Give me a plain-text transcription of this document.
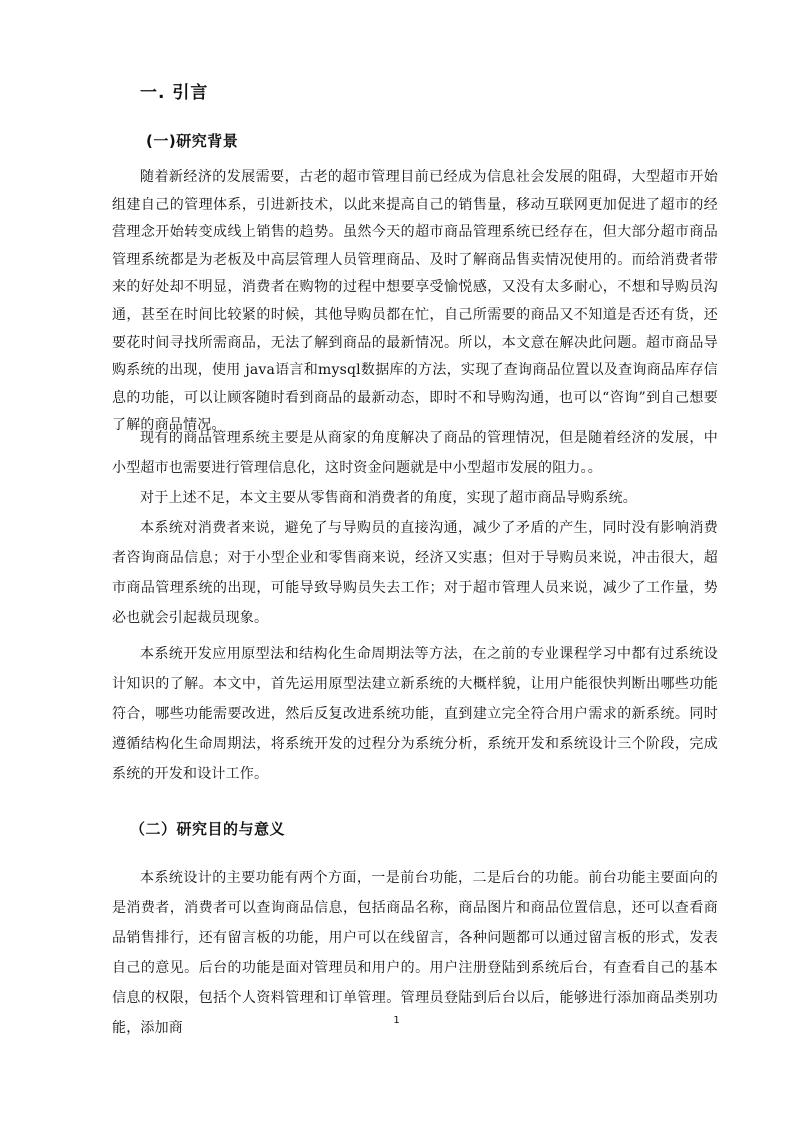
一. 引言
(一)研究背景

随着新经济的发展需要，古老的超市管理目前已经成为信息社会发展的阻碍，大型超市开始组建自己的管理体系，引进新技术，以此来提高自己的销售量，移动互联网更加促进了超市的经营理念开始转变成线上销售的趋势。虽然今天的超市商品管理系统已经存在，但大部分超市商品管理系统都是为老板及中高层管理人员管理商品、及时了解商品售卖情况使用的。而给消费者带来的好处却不明显，消费者在购物的过程中想要享受愉悦感，又没有太多耐心，不想和导购员沟通，甚至在时间比较紧的时候，其他导购员都在忙，自己所需要的商品又不知道是否还有货，还要花时间寻找所需商品，无法了解到商品的最新情况。所以，本文意在解决此问题。超市商品导购系统的出现，使用 java语言和mysql数据库的方法，实现了查询商品位置以及查询商品库存信息的功能，可以让顾客随时看到商品的最新动态，即时不和导购沟通，也可以“咨询”到自己想要了解的商品情况。

现有的商品管理系统主要是从商家的角度解决了商品的管理情况，但是随着经济的发展，中小型超市也需要进行管理信息化，这时资金问题就是中小型超市发展的阻力。。

对于上述不足，本文主要从零售商和消费者的角度，实现了超市商品导购系统。

本系统对消费者来说，避免了与导购员的直接沟通，减少了矛盾的产生，同时没有影响消费者咨询商品信息；对于小型企业和零售商来说，经济又实惠；但对于导购员来说，冲击很大，超市商品管理系统的出现，可能导致导购员失去工作；对于超市管理人员来说，减少了工作量，势必也就会引起裁员现象。

本系统开发应用原型法和结构化生命周期法等方法，在之前的专业课程学习中都有过系统设计知识的了解。本文中，首先运用原型法建立新系统的大概样貌，让用户能很快判断出哪些功能符合，哪些功能需要改进，然后反复改进系统功能，直到建立完全符合用户需求的新系统。同时遵循结构化生命周期法，将系统开发的过程分为系统分析，系统开发和系统设计三个阶段，完成系统的开发和设计工作。

（二）研究目的与意义

本系统设计的主要功能有两个方面，一是前台功能，二是后台的功能。前台功能主要面向的是消费者，消费者可以查询商品信息，包括商品名称，商品图片和商品位置信息，还可以查看商品销售排行，还有留言板的功能，用户可以在线留言，各种问题都可以通过留言板的形式，发表自己的意见。后台的功能是面对管理员和用户的。用户注册登陆到系统后台，有查看自己的基本信息的权限，包括个人资料管理和订单管理。管理员登陆到后台以后，能够进行添加商品类别功能，添加商	1
